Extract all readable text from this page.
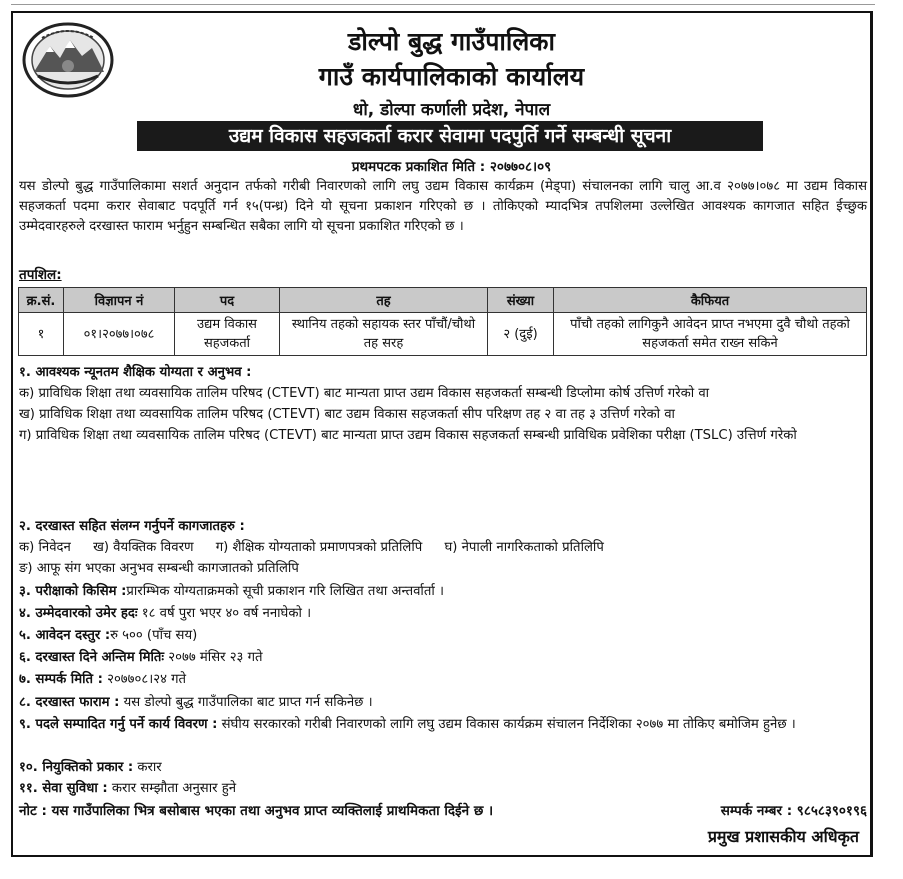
डोल्पो बुद्ध गाउँपालिका
गाउँ कार्यपालिकाको कार्यालय
धो, डोल्पा कर्णाली प्रदेश, नेपाल
उद्यम विकास सहजकर्ता करार सेवामा पदपुर्ति गर्ने सम्बन्धी सूचना
प्रथमपटक प्रकाशित मिति : २०७७०८।०९
यस डोल्पो बुद्ध गाउँपालिकामा सशर्त अनुदान तर्फको गरीबी निवारणको लागि लघु उद्यम विकास कार्यक्रम (मेड्पा) संचालनका लागि चालु आ.व २०७७।०७८ मा उद्यम विकास सहजकर्ता पदमा करार सेवाबाट पदपूर्ति गर्न १५(पन्ध्र) दिने यो सूचना प्रकाशन गरिएको छ । तोकिएको म्यादभित्र तपशिलमा उल्लेखित आवश्यक कागजात सहित ईच्छुक उम्मेदवारहरुले दरखास्त फाराम भर्नुहुन सम्बन्धित सबैका लागि यो सूचना प्रकाशित गरिएको छ ।
तपशिल:
क्र.सं.	विज्ञापन नं	पद	तह	संख्या	कैफियत
१	०१।२०७७।०७८	उद्यम विकास सहजकर्ता	स्थानिय तहको सहायक स्तर पाँचौं/चौथो तह सरह	२ (दुई)	पाँचौ तहको लागिकुनै आवेदन प्राप्त नभएमा दुवै चौथो तहको सहजकर्ता समेत राख्न सकिने
१. आवश्यक न्यूनतम शैक्षिक योग्यता र अनुभव :
क) प्राविधिक शिक्षा तथा व्यवसायिक तालिम परिषद (CTEVT) बाट मान्यता प्राप्त उद्यम विकास सहजकर्ता सम्बन्धी डिप्लोमा कोर्ष उत्तिर्ण गरेको वा
ख) प्राविधिक शिक्षा तथा व्यवसायिक तालिम परिषद (CTEVT) बाट उद्यम विकास सहजकर्ता सीप परिक्षण तह २ वा तह ३ उत्तिर्ण गरेको वा
ग) प्राविधिक शिक्षा तथा व्यवसायिक तालिम परिषद (CTEVT) बाट मान्यता प्राप्त उद्यम विकास सहजकर्ता सम्बन्धी प्राविधिक प्रवेशिका परीक्षा (TSLC) उत्तिर्ण गरेको
२. दरखास्त सहित संलग्न गर्नुपर्ने कागजातहरु :
क) निवेदन ख) वैयक्तिक विवरण ग) शैक्षिक योग्यताको प्रमाणपत्रको प्रतिलिपि घ) नेपाली नागरिकताको प्रतिलिपि
ङ) आफू संग भएका अनुभव सम्बन्धी कागजातको प्रतिलिपि
३. परीक्षाको किसिम :प्रारम्भिक योग्यताक्रमको सूची प्रकाशन गरि लिखित तथा अन्तर्वार्ता ।
४. उम्मेदवारको उमेर हदः १८ वर्ष पुरा भएर ४० वर्ष ननाघेको ।
५. आवेदन दस्तुर :रु ५०० (पाँच सय)
६. दरखास्त दिने अन्तिम मितिः २०७७ मंसिर २३ गते
७. सम्पर्क मिति : २०७७०८।२४ गते
८. दरखास्त फाराम : यस डोल्पो बुद्ध गाउँपालिका बाट प्राप्त गर्न सकिनेछ ।
९. पदले सम्पादित गर्नु पर्ने कार्य विवरण : संघीय सरकारको गरीबी निवारणको लागि लघु उद्यम विकास कार्यक्रम संचालन निर्देशिका २०७७ मा तोकिए बमोजिम हुनेछ ।
१०. नियुक्तिको प्रकार : करार
११. सेवा सुविधा : करार सम्झौता अनुसार हुने
नोट : यस गाउँपालिका भित्र बसोबास भएका तथा अनुभव प्राप्त व्यक्तिलाई प्राथमिकता दिईने छ ।	सम्पर्क नम्बर : ९८५८३९०१९६
प्रमुख प्रशासकीय अधिकृत
